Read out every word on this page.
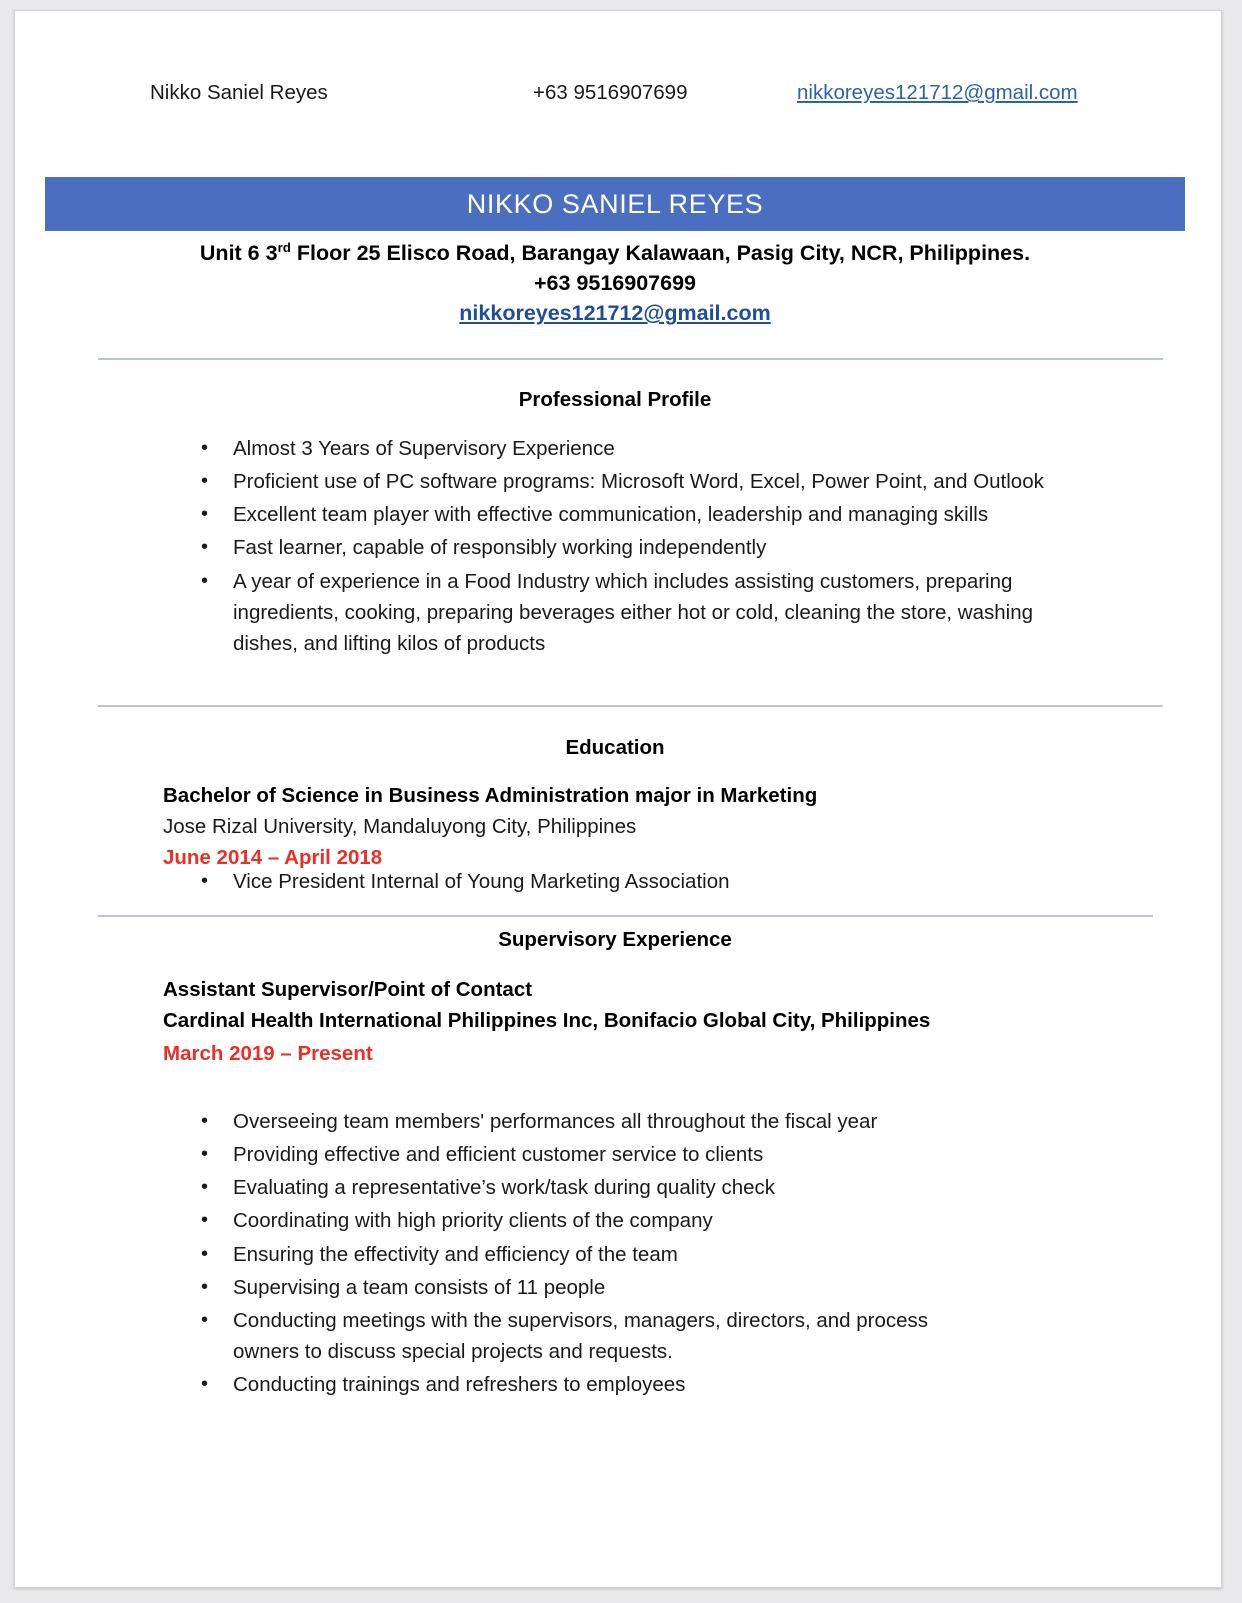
Nikko Saniel Reyes	+63 9516907699	nikkoreyes121712@gmail.com
NIKKO SANIEL REYES
Unit 6 3rd Floor 25 Elisco Road, Barangay Kalawaan, Pasig City, NCR, Philippines.
+63 9516907699
nikkoreyes121712@gmail.com
Professional Profile
• Almost 3 Years of Supervisory Experience
• Proficient use of PC software programs: Microsoft Word, Excel, Power Point, and Outlook
• Excellent team player with effective communication, leadership and managing skills
• Fast learner, capable of responsibly working independently
• A year of experience in a Food Industry which includes assisting customers, preparing ingredients, cooking, preparing beverages either hot or cold, cleaning the store, washing dishes, and lifting kilos of products
Education
Bachelor of Science in Business Administration major in Marketing
Jose Rizal University, Mandaluyong City, Philippines
June 2014 – April 2018
• Vice President Internal of Young Marketing Association
Supervisory Experience
Assistant Supervisor/Point of Contact
Cardinal Health International Philippines Inc, Bonifacio Global City, Philippines
March 2019 – Present
• Overseeing team members' performances all throughout the fiscal year
• Providing effective and efficient customer service to clients
• Evaluating a representative’s work/task during quality check
• Coordinating with high priority clients of the company
• Ensuring the effectivity and efficiency of the team
• Supervising a team consists of 11 people
• Conducting meetings with the supervisors, managers, directors, and process owners to discuss special projects and requests.
• Conducting trainings and refreshers to employees
